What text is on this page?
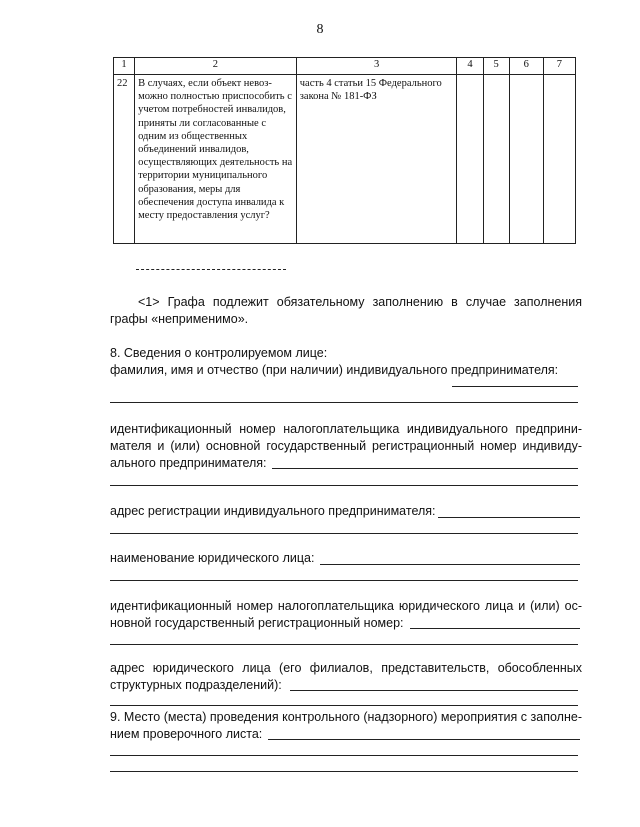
8
1	2	3	4	5	6	7
22	В случаях, если объект невозможно полностью приспособить с учетом потребностей инвалидов, приняты ли согласованные с одним из общественных объединений инвалидов, осуществляющих деятельность на территории муниципального образования, меры для обеспечения доступа инвалида к месту предоставления услуг?	часть 4 статьи 15 Федерального закона № 181-ФЗ				
<1> Графа подлежит обязательному заполнению в случае заполнения графы «неприменимо».
8. Сведения о контролируемом лице:
фамилия, имя и отчество (при наличии) индивидуального предпринимателя:
идентификационный номер налогоплательщика индивидуального предпринимателя и (или) основной государственный регистрационный номер индивидуального предпринимателя:
адрес регистрации индивидуального предпринимателя:
наименование юридического лица:
идентификационный номер налогоплательщика юридического лица и (или) основной государственный регистрационный номер:
адрес юридического лица (его филиалов, представительств, обособленных структурных подразделений):
9. Место (места) проведения контрольного (надзорного) мероприятия с заполнением проверочного листа:
